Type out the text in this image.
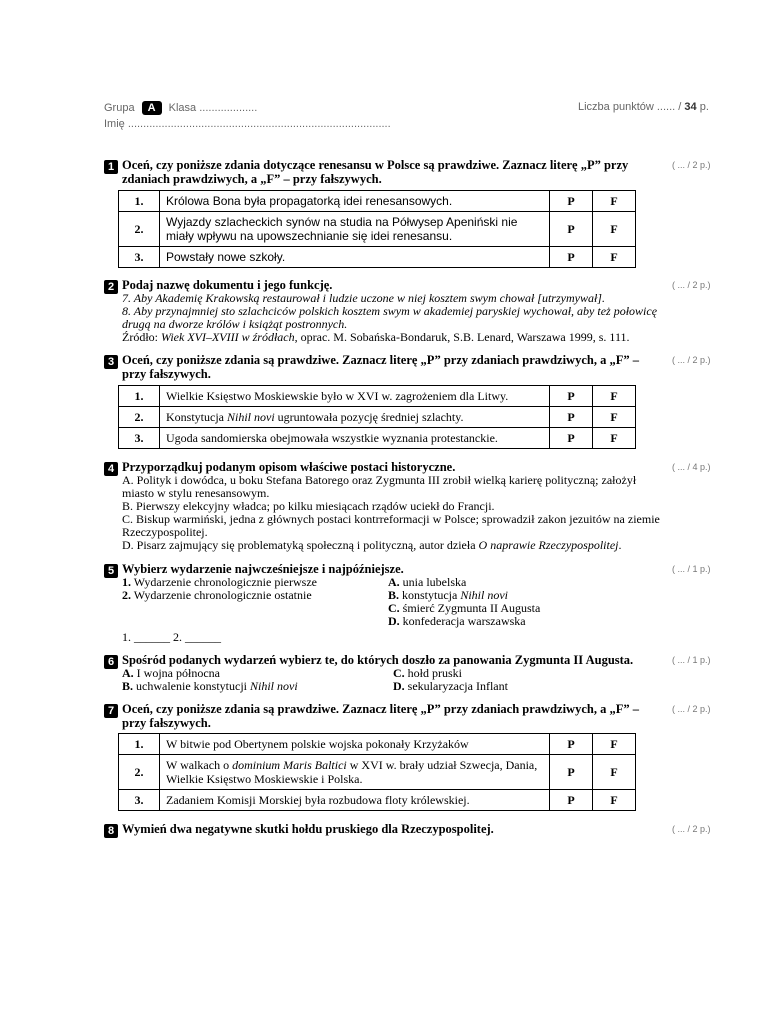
Grupa A Klasa ...................	Liczba punktów ...... / 34 p.
Imię ......................................................................................
1 Oceń, czy poniższe zdania dotyczące renesansu w Polsce są prawdziwe. Zaznacz literę „P” przy zdaniach prawdziwych, a „F” – przy fałszywych.
( ... / 2 p.)
1.	Królowa Bona była propagatorką idei renesansowych.	P	F
2.	Wyjazdy szlacheckich synów na studia na Półwysep Apeniński nie miały wpływu na upowszechnianie się idei renesansu.	P	F
3.	Powstały nowe szkoły.	P	F
2 Podaj nazwę dokumentu i jego funkcję.
7. Aby Akademię Krakowską restaurował i ludzie uczone w niej kosztem swym chował [utrzymywał].
8. Aby przynajmniej sto szlachciców polskich kosztem swym w akademiej paryskiej wychował, aby też połowicę drugą na dworze królów i książąt postronnych.
Źródło: Wiek XVI–XVIII w źródłach, oprac. M. Sobańska-Bondaruk, S.B. Lenard, Warszawa 1999, s. 111.
( ... / 2 p.)
3 Oceń, czy poniższe zdania są prawdziwe. Zaznacz literę „P” przy zdaniach prawdziwych, a „F” – przy fałszywych.
( ... / 2 p.)
1.	Wielkie Księstwo Moskiewskie było w XVI w. zagrożeniem dla Litwy.	P	F
2.	Konstytucja Nihil novi ugruntowała pozycję średniej szlachty.	P	F
3.	Ugoda sandomierska obejmowała wszystkie wyznania protestanckie.	P	F
4 Przyporządkuj podanym opisom właściwe postaci historyczne.
A. Polityk i dowódca, u boku Stefana Batorego oraz Zygmunta III zrobił wielką karierę polityczną; założył miasto w stylu renesansowym.
B. Pierwszy elekcyjny władca; po kilku miesiącach rządów uciekł do Francji.
C. Biskup warmiński, jedna z głównych postaci kontrreformacji w Polsce; sprowadził zakon jezuitów na ziemie Rzeczypospolitej.
D. Pisarz zajmujący się problematyką społeczną i polityczną, autor dzieła O naprawie Rzeczypospolitej.
( ... / 4 p.)
5 Wybierz wydarzenie najwcześniejsze i najpóźniejsze.	( ... / 1 p.)
1. Wydarzenie chronologicznie pierwsze
2. Wydarzenie chronologicznie ostatnie
A. unia lubelska
B. konstytucja Nihil novi
C. śmierć Zygmunta II Augusta
D. konfederacja warszawska
1. ______ 2. ______
6 Spośród podanych wydarzeń wybierz te, do których doszło za panowania Zygmunta II Augusta.	( ... / 1 p.)
A. I wojna północna
B. uchwalenie konstytucji Nihil novi
C. hołd pruski
D. sekularyzacja Inflant
7 Oceń, czy poniższe zdania są prawdziwe. Zaznacz literę „P” przy zdaniach prawdziwych, a „F” – przy fałszywych.
( ... / 2 p.)
1.	W bitwie pod Obertynem polskie wojska pokonały Krzyżaków	P	F
2.	W walkach o dominium Maris Baltici w XVI w. brały udział Szwecja, Dania, Wielkie Księstwo Moskiewskie i Polska.	P	F
3.	Zadaniem Komisji Morskiej była rozbudowa floty królewskiej.	P	F
8 Wymień dwa negatywne skutki hołdu pruskiego dla Rzeczypospolitej.	( ... / 2 p.)
